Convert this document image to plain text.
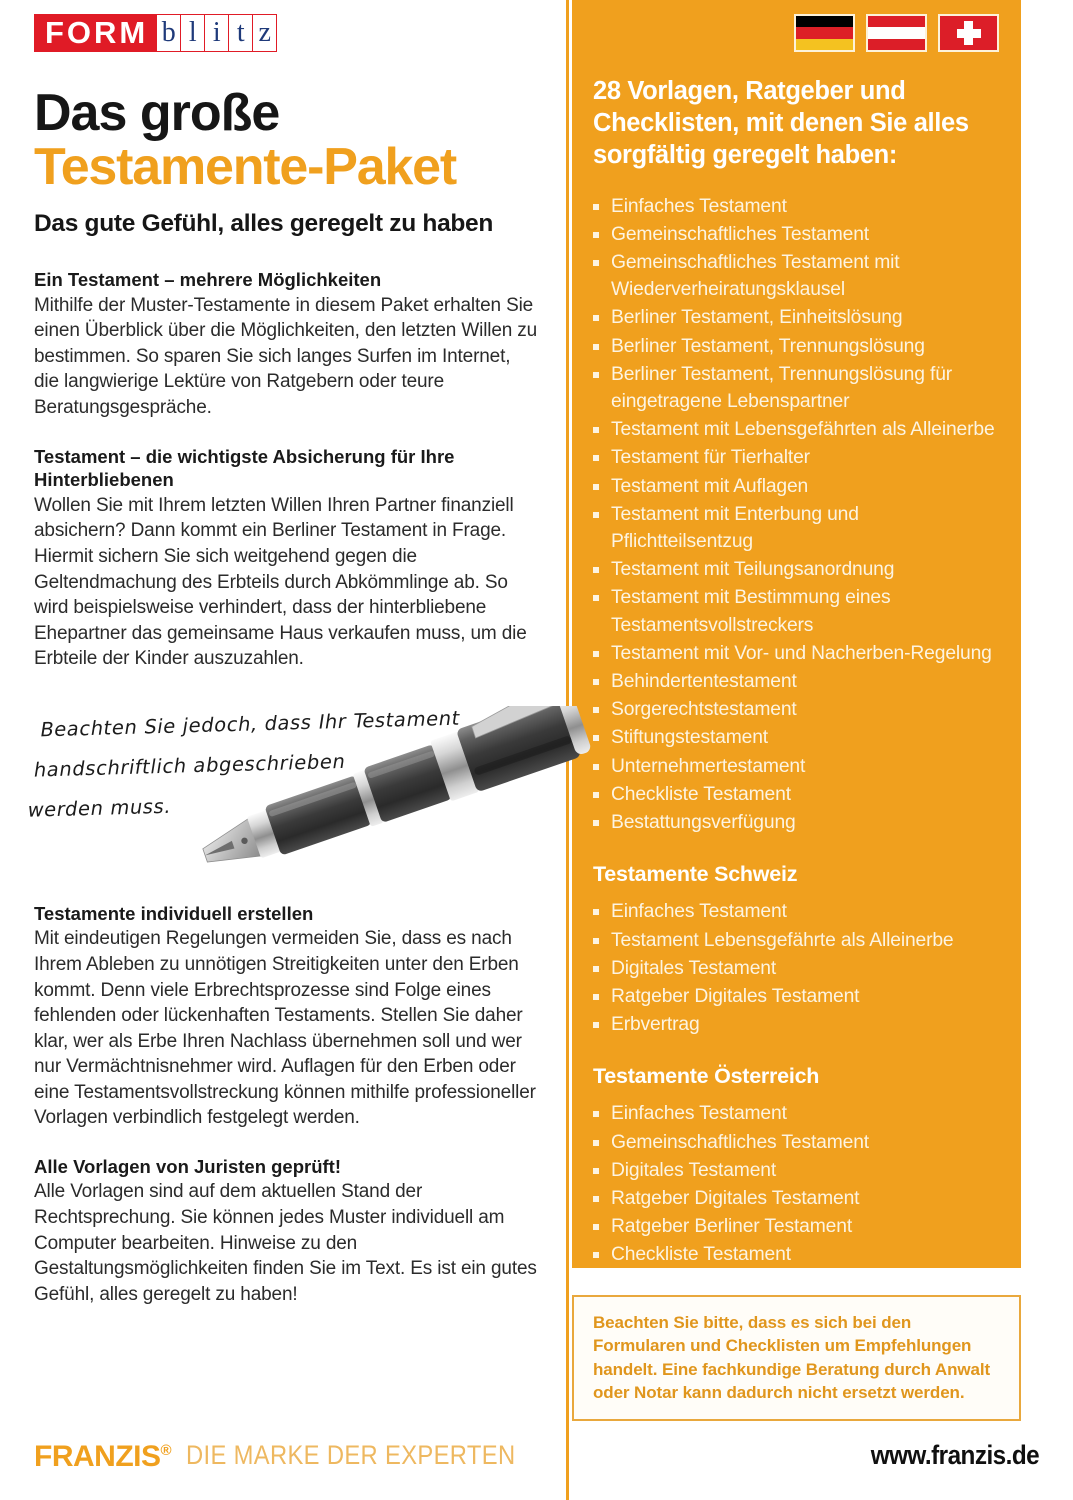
FORM b l i t z
Das große
Testamente-Paket
Das gute Gefühl, alles geregelt zu haben
Ein Testament – mehrere Möglichkeiten

Mithilfe der Muster-Testamente in diesem Paket erhalten Sie einen Überblick über die Möglichkeiten, den letzten Willen zu bestimmen. So sparen Sie sich langes Surfen im Internet, die langwierige Lektüre von Ratgebern oder teure Beratungsgespräche.

Testament – die wichtigste Absicherung für Ihre Hinterbliebenen

Wollen Sie mit Ihrem letzten Willen Ihren Partner finanziell absichern? Dann kommt ein Berliner Testament in Frage. Hiermit sichern Sie sich weitgehend gegen die Geltendmachung des Erbteils durch Abkömmlinge ab. So wird beispielsweise verhindert, dass der hinterbliebene Ehepartner das gemeinsame Haus verkaufen muss, um die Erbteile der Kinder auszuzahlen.

Beachten Sie jedoch, dass Ihr Testament
handschriftlich abgeschrieben
werden muss.
Testamente individuell erstellen

Mit eindeutigen Regelungen vermeiden Sie, dass es nach Ihrem Ableben zu unnötigen Streitigkeiten unter den Erben kommt. Denn viele Erbrechtsprozesse sind Folge eines fehlenden oder lückenhaften Testaments. Stellen Sie daher klar, wer als Erbe Ihren Nachlass übernehmen soll und wer nur Vermächtnisnehmer wird. Auflagen für den Erben oder eine Testamentsvollstreckung können mithilfe professioneller Vorlagen verbindlich festgelegt werden.

Alle Vorlagen von Juristen geprüft!

Alle Vorlagen sind auf dem aktuellen Stand der Rechtsprechung. Sie können jedes Muster individuell am Computer bearbeiten. Hinweise zu den Gestaltungsmöglichkeiten finden Sie im Text. Es ist ein gutes Gefühl, alles geregelt zu haben!

28 Vorlagen, Ratgeber und Checklisten, mit denen Sie alles sorgfältig geregelt haben:
Einfaches Testament
Gemeinschaftliches Testament
Gemeinschaftliches Testament mit Wiederverheiratungsklausel
Berliner Testament, Einheitslösung
Berliner Testament, Trennungslösung
Berliner Testament, Trennungslösung für eingetragene Lebenspartner
Testament mit Lebensgefährten als Alleinerbe
Testament für Tierhalter
Testament mit Auflagen
Testament mit Enterbung und Pflichtteilsentzug
Testament mit Teilungsanordnung
Testament mit Bestimmung eines Testamentsvollstreckers
Testament mit Vor- und Nacherben-Regelung
Behindertentestament
Sorgerechtstestament
Stiftungstestament
Unternehmertestament
Checkliste Testament
Bestattungsverfügung
Testamente Schweiz
Einfaches Testament
Testament Lebensgefährte als Alleinerbe
Digitales Testament
Ratgeber Digitales Testament
Erbvertrag
Testamente Österreich
Einfaches Testament
Gemeinschaftliches Testament
Digitales Testament
Ratgeber Digitales Testament
Ratgeber Berliner Testament
Checkliste Testament

Beachten Sie bitte, dass es sich bei den Formularen und Checklisten um Empfehlungen handelt. Eine fachkundige Beratung durch Anwalt oder Notar kann dadurch nicht ersetzt werden.

FRANZIS® DIE MARKE DER EXPERTEN	www.franzis.de
